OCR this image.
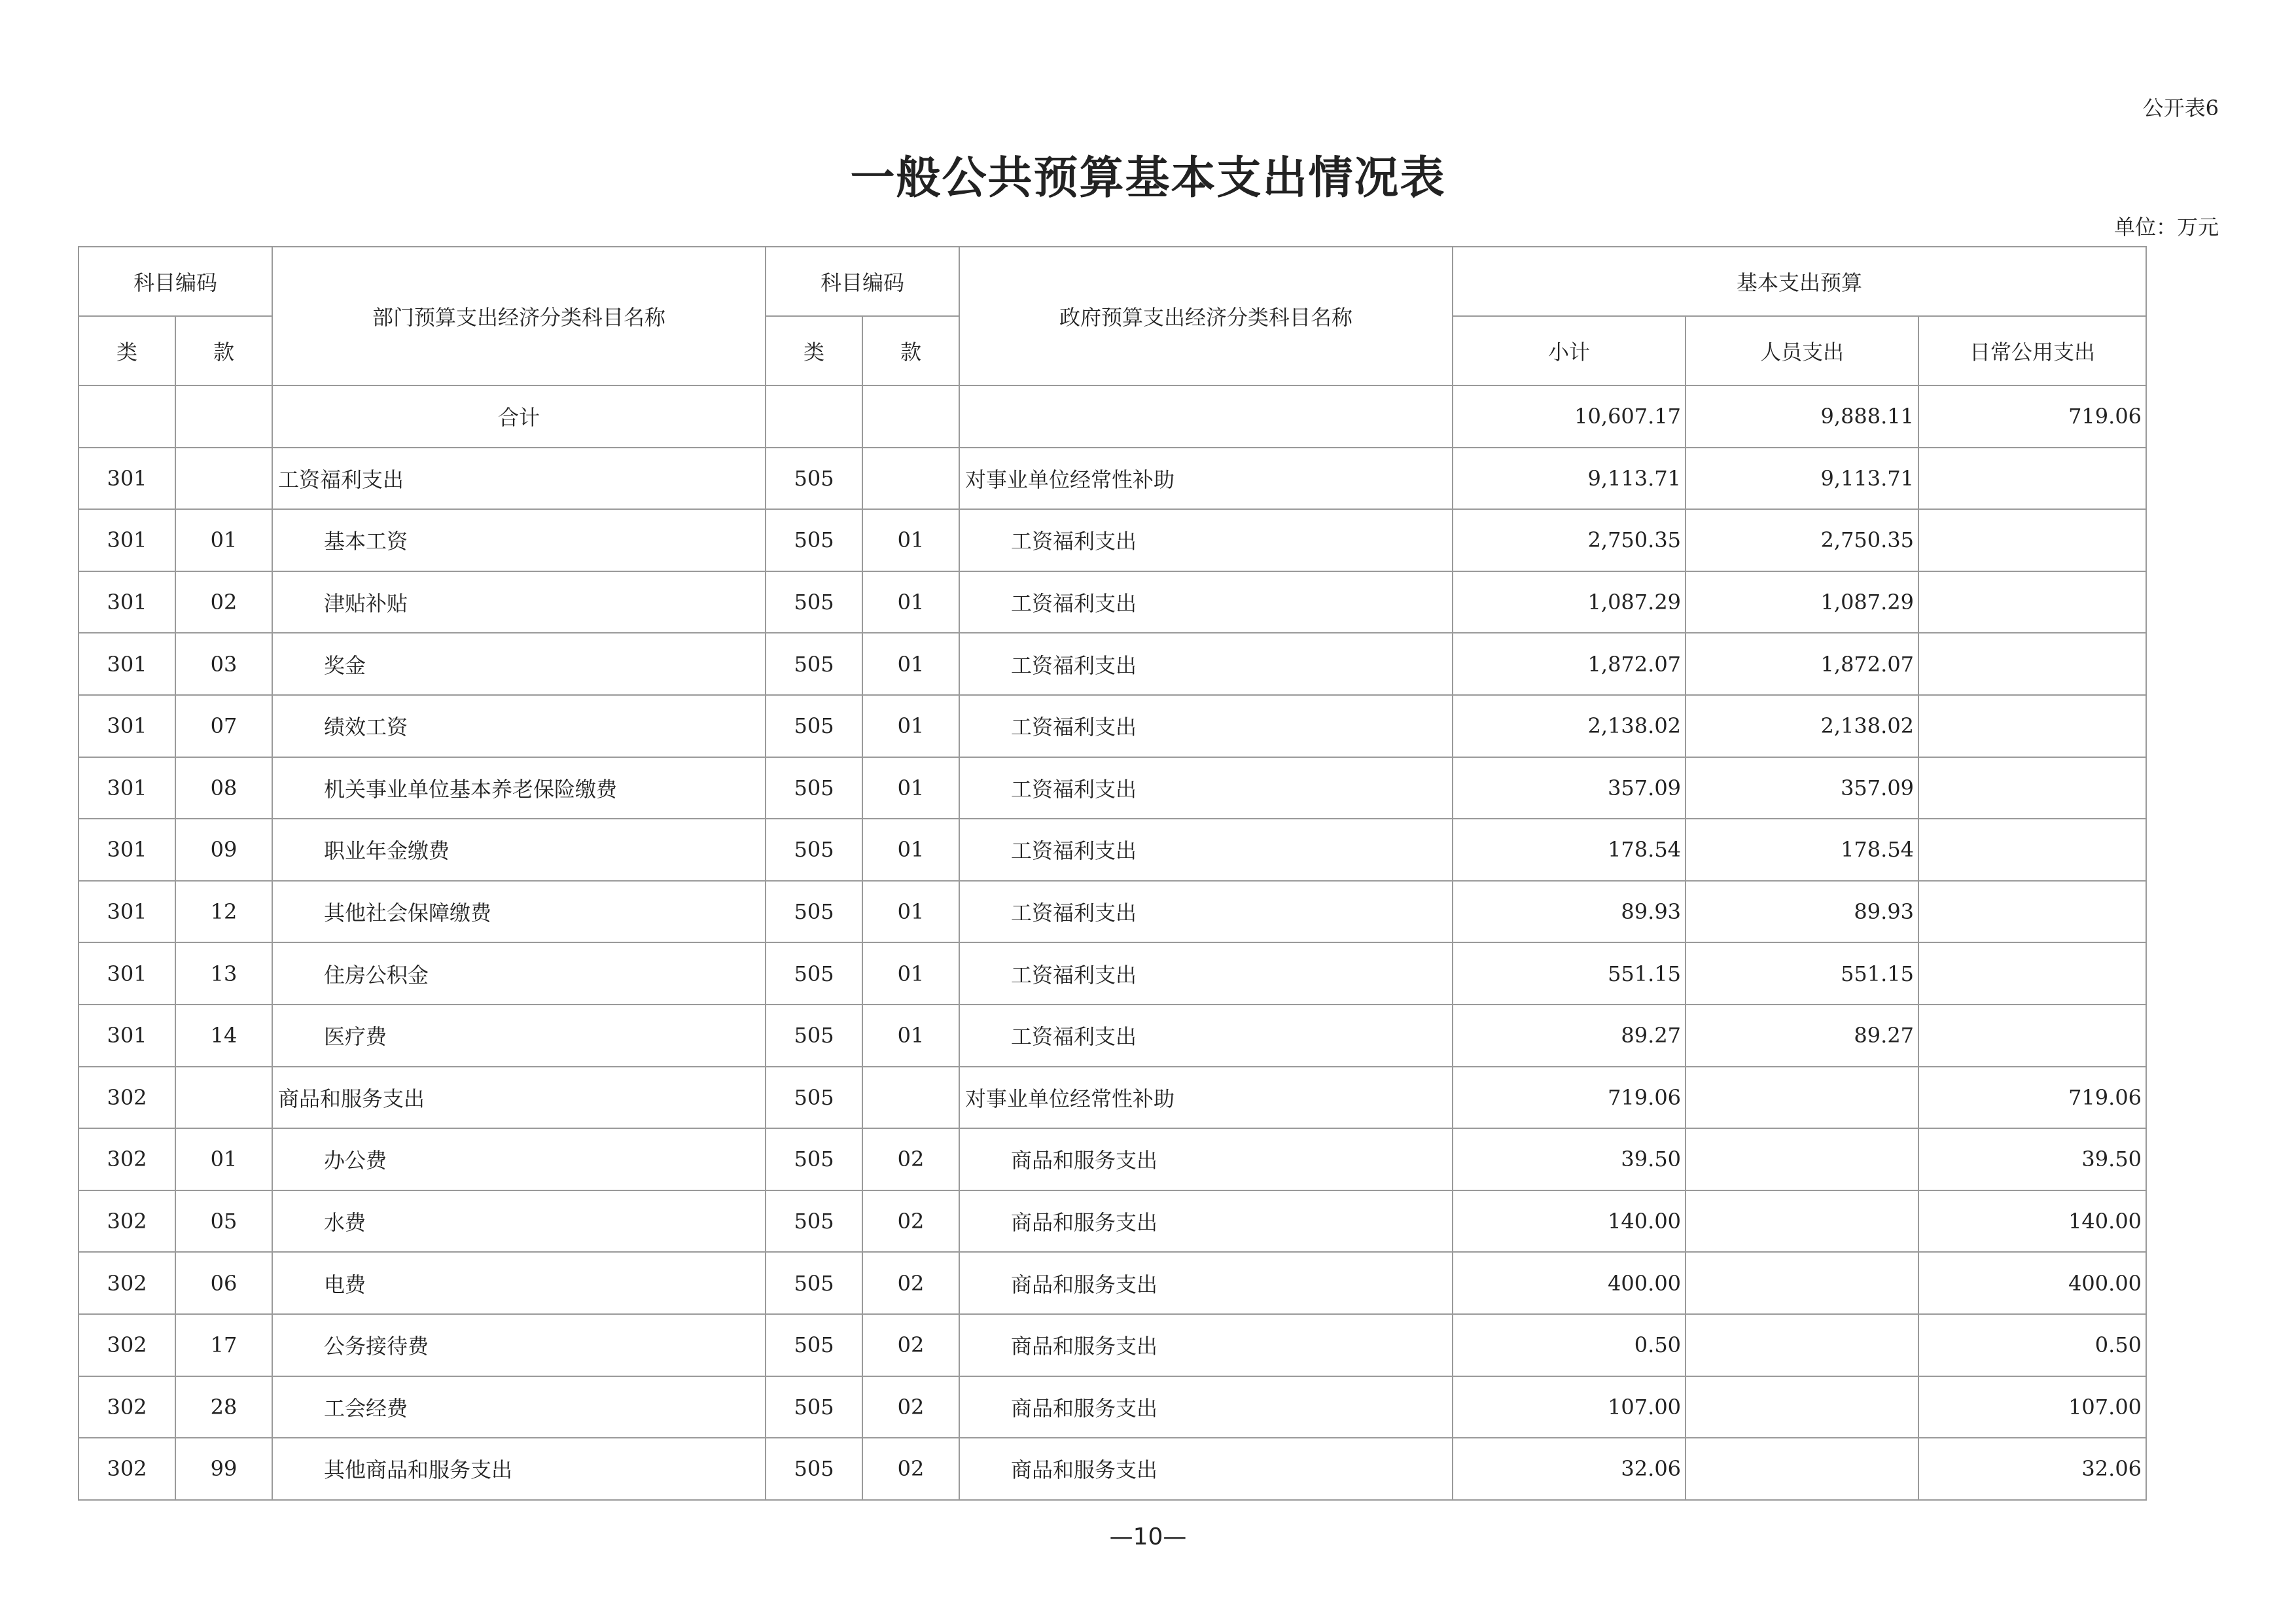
公开表6
一般公共预算基本支出情况表
单位：万元
科目编码		部门预算支出经济分类科目名称	科目编码		政府预算支出经济分类科目名称	基本支出预算		
类	款		类	款		小计	人员支出	日常公用支出
		合计				10,607.17	9,888.11	719.06
301		工资福利支出	505		对事业单位经常性补助	9,113.71	9,113.71	
301	01	基本工资	505	01	工资福利支出	2,750.35	2,750.35	
301	02	津贴补贴	505	01	工资福利支出	1,087.29	1,087.29	
301	03	奖金	505	01	工资福利支出	1,872.07	1,872.07	
301	07	绩效工资	505	01	工资福利支出	2,138.02	2,138.02	
301	08	机关事业单位基本养老保险缴费	505	01	工资福利支出	357.09	357.09	
301	09	职业年金缴费	505	01	工资福利支出	178.54	178.54	
301	12	其他社会保障缴费	505	01	工资福利支出	89.93	89.93	
301	13	住房公积金	505	01	工资福利支出	551.15	551.15	
301	14	医疗费	505	01	工资福利支出	89.27	89.27	
302		商品和服务支出	505		对事业单位经常性补助	719.06		719.06
302	01	办公费	505	02	商品和服务支出	39.50		39.50
302	05	水费	505	02	商品和服务支出	140.00		140.00
302	06	电费	505	02	商品和服务支出	400.00		400.00
302	17	公务接待费	505	02	商品和服务支出	0.50		0.50
302	28	工会经费	505	02	商品和服务支出	107.00		107.00
302	99	其他商品和服务支出	505	02	商品和服务支出	32.06		32.06
—10—
